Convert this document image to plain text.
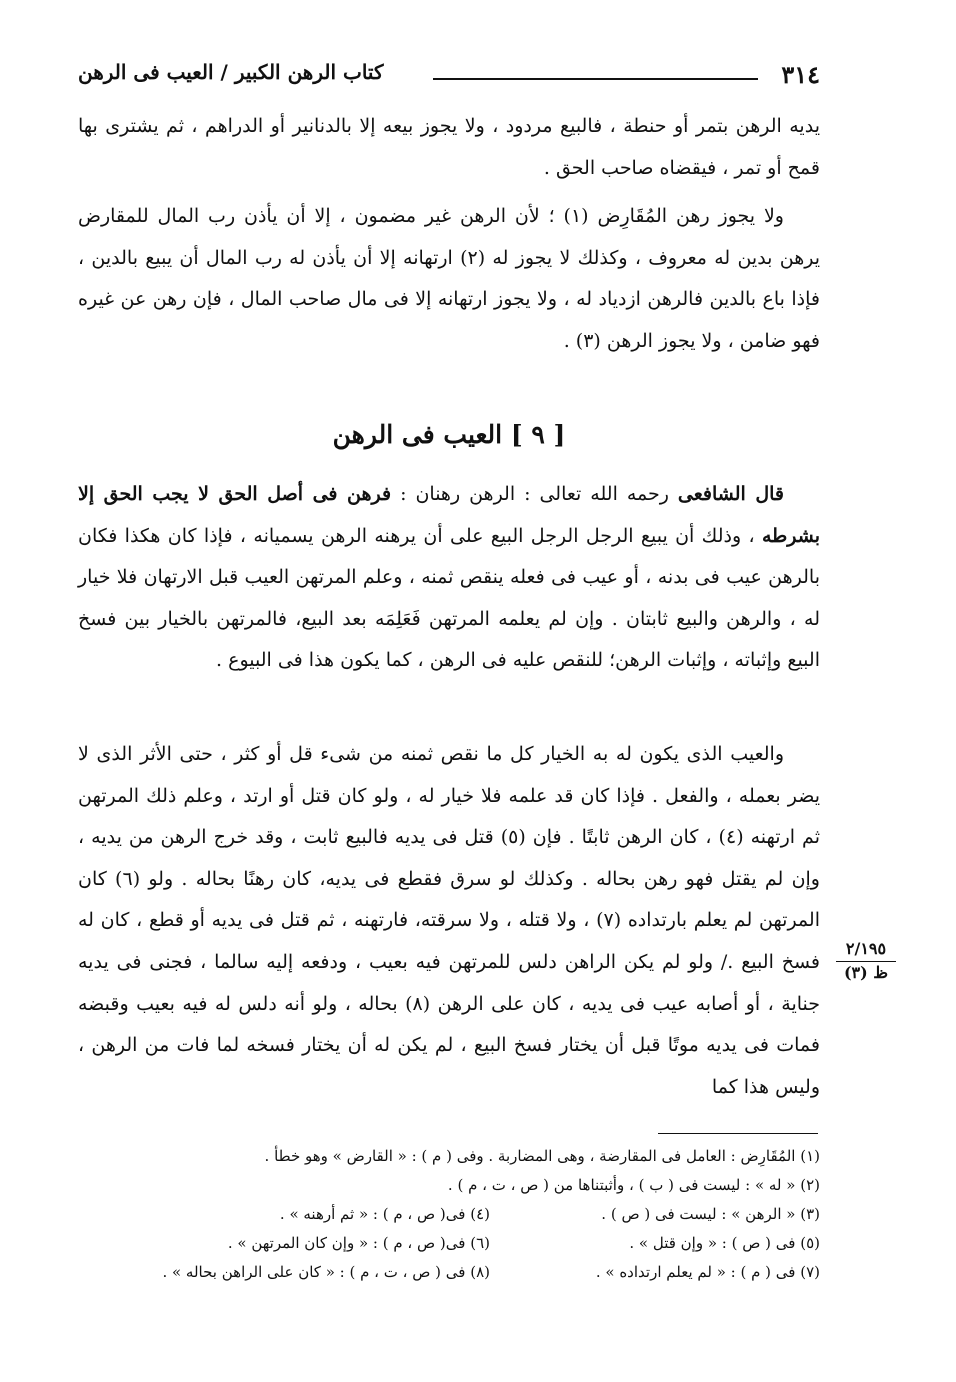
٣١٤
كتاب الرهن الكبير / العيب فى الرهن

يديه الرهن بتمر أو حنطة ، فالبيع مردود ، ولا يجوز بيعه إلا بالدنانير أو الدراهم ، ثم يشترى بها قمح أو تمر ، فيقضاه صاحب الحق .

ولا يجوز رهن المُقَارِض (١) ؛ لأن الرهن غير مضمون ، إلا أن يأذن رب المال للمقارض يرهن بدين له معروف ، وكذلك لا يجوز له (٢) ارتهانه إلا أن يأذن له رب المال أن يبيع بالدين ، فإذا باع بالدين فالرهن ازدياد له ، ولا يجوز ارتهانه إلا فى مال صاحب المال ، فإن رهن عن غيره فهو ضامن ، ولا يجوز الرهن (٣) .

[ ٩ ] العيب فى الرهن

قال الشافعى رحمه الله تعالى : الرهن رهنان : فرهن فى أصل الحق لا يجب الحق إلا بشرطه ، وذلك أن يبيع الرجل الرجل البيع على أن يرهنه الرهن يسميانه ، فإذا كان هكذا فكان بالرهن عيب فى بدنه ، أو عيب فى فعله ينقص ثمنه ، وعلم المرتهن العيب قبل الارتهان فلا خيار له ، والرهن والبيع ثابتان . وإن لم يعلمه المرتهن فَعَلِمَه بعد البيع، فالمرتهن بالخيار بين فسخ البيع وإثباته ، وإثبات الرهن؛ للنقص عليه فى الرهن ، كما يكون هذا فى البيوع .

والعيب الذى يكون له به الخيار كل ما نقص ثمنه من شىء قل أو كثر ، حتى الأثر الذى لا يضر بعمله ، والفعل . فإذا كان قد علمه فلا خيار له ، ولو كان قتل أو ارتد ، وعلم ذلك المرتهن ثم ارتهنه (٤) ، كان الرهن ثابتًا . فإن (٥) قتل فى يديه فالبيع ثابت ، وقد خرج الرهن من يديه ، وإن لم يقتل فهو رهن بحاله . وكذلك لو سرق فقطع فى يديه، كان رهنًا بحاله . ولو (٦) كان المرتهن لم يعلم بارتداده (٧) ، ولا قتله ، ولا سرقته، فارتهنه ، ثم قتل فى يديه أو قطع ، كان له فسخ البيع ./ ولو لم يكن الراهن دلس للمرتهن فيه بعيب ، ودفعه إليه سالما ، فجنى فى يديه جناية ، أو أصابه عيب فى يديه ، كان على الرهن (٨) بحاله ، ولو أنه دلس له فيه بعيب وقبضه فمات فى يديه موتًا قبل أن يختار فسخ البيع ، لم يكن له أن يختار فسخه لما فات من الرهن ، وليس هذا كما

٢/١٩٥
ظ (٣)
(١) المُقَارِض : العامل فى المقارضة ، وهى المضاربة . وفى ( م ) : « القارض » وهو خطأ .
(٢) « له » : ليست فى ( ب ) ، وأثبتناها من ( ص ، ت ، م ) .
(٣) « الرهن » : ليست فى ( ص ) .
(٤) فى( ص ، م ) : « ثم أرهنه » .
(٥) فى ( ص ) : « وإن قتل » .
(٦) فى( ص ، م ) : « وإن كان المرتهن » .
(٧) فى ( م ) : « لم يعلم ارتداده » .
(٨) فى ( ص ، ت ، م ) : « كان على الراهن بحاله » .
